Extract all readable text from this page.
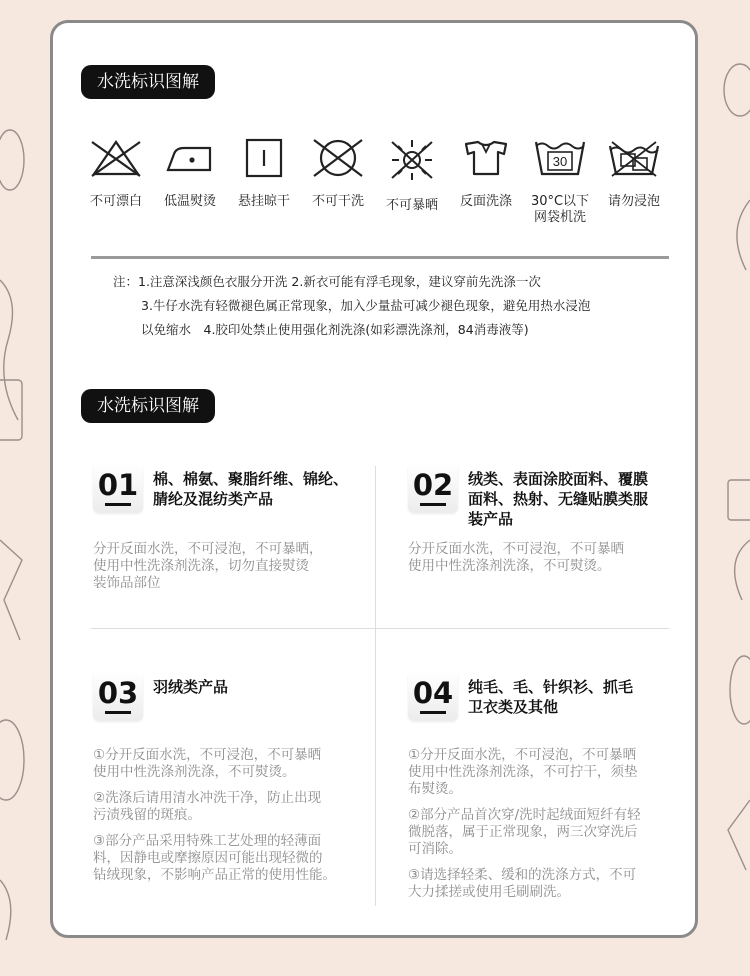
水洗标识图解
不可漂白	低温熨烫	悬挂晾干	不可干洗	不可暴晒	反面洗涤
30
30°C以下
网袋机洗
请勿浸泡
注：1.注意深浅颜色衣服分开洗 2.新衣可能有浮毛现象，建议穿前先洗涤一次
3.牛仔水洗有轻微褪色属正常现象，加入少量盐可减少褪色现象，避免用热水浸泡
以免缩水　4.胶印处禁止使用强化剂洗涤(如彩漂洗涤剂，84消毒液等)
水洗标识图解
01 棉、棉氨、聚脂纤维、锦纶、
腈纶及混纺类产品

分开反面水洗，不可浸泡，不可暴晒，
使用中性洗涤剂洗涤，切勿直接熨烫
装饰品部位

02 绒类、表面涂胶面料、覆膜
面料、热射、无缝贴膜类服
装产品

分开反面水洗，不可浸泡，不可暴晒
使用中性洗涤剂洗涤，不可熨烫。

03 羽绒类产品

①分开反面水洗，不可浸泡，不可暴晒
使用中性洗涤剂洗涤，不可熨烫。

②洗涤后请用清水冲洗干净，防止出现
污渍残留的斑痕。

③部分产品采用特殊工艺处理的轻薄面
料，因静电或摩擦原因可能出现轻微的
钻绒现象，不影响产品正常的使用性能。

04 纯毛、毛、针织衫、抓毛
卫衣类及其他

①分开反面水洗，不可浸泡，不可暴晒
使用中性洗涤剂洗涤，不可拧干，须垫
布熨烫。

②部分产品首次穿/洗时起绒面短纤有轻
微脱落，属于正常现象，两三次穿洗后
可消除。

③请选择轻柔、缓和的洗涤方式，不可
大力揉搓或使用毛刷刷洗。
